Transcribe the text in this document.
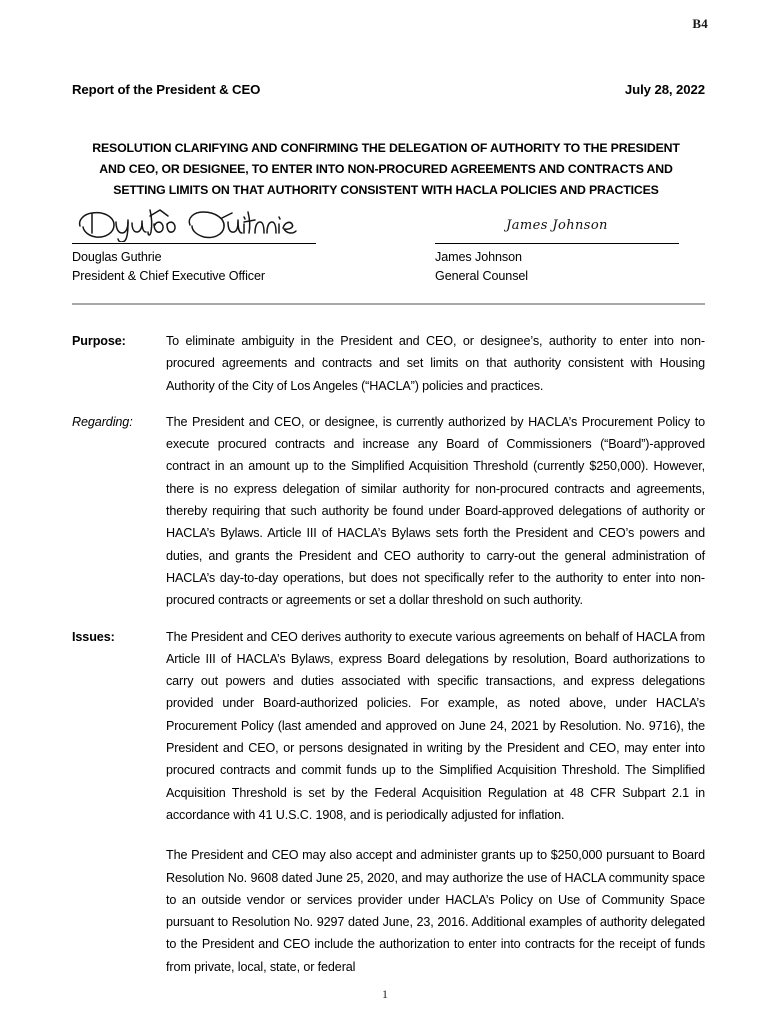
B4
Report of the President & CEO	July 28, 2022
RESOLUTION CLARIFYING AND CONFIRMING THE DELEGATION OF AUTHORITY TO THE PRESIDENT
AND CEO, OR DESIGNEE, TO ENTER INTO NON-PROCURED AGREEMENTS AND CONTRACTS AND
SETTING LIMITS ON THAT AUTHORITY CONSISTENT WITH HACLA POLICIES AND PRACTICES
Douglas Guthrie
President & Chief Executive Officer
James Johnson
James Johnson
General Counsel
Purpose:	To eliminate ambiguity in the President and CEO, or designee’s, authority to enter into non-procured agreements and contracts and set limits on that authority consistent with Housing Authority of the City of Los Angeles (“HACLA”) policies and practices.

Regarding:	The President and CEO, or designee, is currently authorized by HACLA’s Procurement Policy to execute procured contracts and increase any Board of Commissioners (“Board”)-approved contract in an amount up to the Simplified Acquisition Threshold (currently $250,000). However, there is no express delegation of similar authority for non-procured contracts and agreements, thereby requiring that such authority be found under Board-approved delegations of authority or HACLA’s Bylaws. Article III of HACLA’s Bylaws sets forth the President and CEO’s powers and duties, and grants the President and CEO authority to carry-out the general administration of HACLA’s day-to-day operations, but does not specifically refer to the authority to enter into non-procured contracts or agreements or set a dollar threshold on such authority.

Issues:	The President and CEO derives authority to execute various agreements on behalf of HACLA from Article III of HACLA’s Bylaws, express Board delegations by resolution, Board authorizations to carry out powers and duties associated with specific transactions, and express delegations provided under Board-authorized policies. For example, as noted above, under HACLA’s Procurement Policy (last amended and approved on June 24, 2021 by Resolution. No. 9716), the President and CEO, or persons designated in writing by the President and CEO, may enter into procured contracts and commit funds up to the Simplified Acquisition Threshold. The Simplified Acquisition Threshold is set by the Federal Acquisition Regulation at 48 CFR Subpart 2.1 in accordance with 41 U.S.C. 1908, and is periodically adjusted for inflation.

The President and CEO may also accept and administer grants up to $250,000 pursuant to Board Resolution No. 9608 dated June 25, 2020, and may authorize the use of HACLA community space to an outside vendor or services provider under HACLA’s Policy on Use of Community Space pursuant to Resolution No. 9297 dated June, 23, 2016. Additional examples of authority delegated to the President and CEO include the authorization to enter into contracts for the receipt of funds from private, local, state, or federal

1
